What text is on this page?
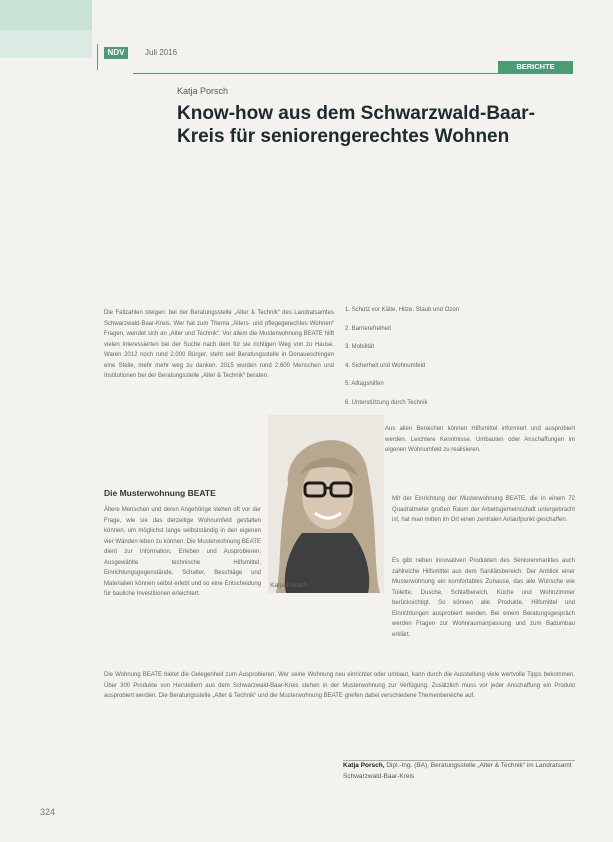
NDV	Juli 2016
BERICHTE
Katja Porsch
Know-how aus dem Schwarzwald-Baar-Kreis für seniorengerechtes Wohnen

Die Fallzahlen steigen: bei der Beratungsstelle „Alter & Technik“ des Landratsamtes Schwarzwald-Baar-Kreis. Wer hat zum Thema „Alters- und pflegegerechtes Wohnen“ Fragen, wendet sich an „Alter und Technik“. Vor allem die Musterwohnung BEATE hilft vielen Interessierten bei der Suche nach dem für sie richtigen Weg von zu Hause. Waren 2012 noch rund 2.000 Bürger, steht seit Beratungsstelle in Donaueschingen eine Stelle, mehr mehr weg zu danken. 2015 wurden rund 2.600 Menschen und Institutionen bei der Beratungsstelle „Alter & Technik“ beraten.

Die Musterwohnung BEATE

Ältere Menschen und deren Angehörige stehen oft vor der Frage, wie sie das derzeitige Wohnumfeld gestalten können, um möglichst lange selbstständig in den eigenen vier Wänden leben zu können. Die Musterwohnung BEATE dient zur Information, Erleben und Ausprobieren. Ausgewählte technische Hilfsmittel, Einrichtungsgegenstände, Schalter, Beschläge und Materialien können selbst erlebt und so eine Entscheidung für bauliche Investitionen erleichtert.

1. Schutz vor Kälte, Hitze, Staub und Ozon
2. Barrierefreiheit
3. Mobilität
4. Sicherheit und Wohnumfeld
5. Alltagshilfen
6. Unterstützung durch Technik

Aus allen Bereichen können Hilfsmittel informiert und ausprobiert werden. Leichtere Kenntnisse, Umbauten oder Anschaffungen im eigenen Wohnumfeld zu realisieren.

Mit der Einrichtung der Musterwohnung BEATE, die in einem 72 Quadratmeter großen Raum der Arbeitsgemeinschaft untergebracht ist, hat man mitten im Ort einen zentralen Anlaufpunkt geschaffen.

Es gibt neben innovativen Produkten des Seniorenmarktes auch zahlreiche Hilfsmittel aus dem Sanitätsbereich. Der Anblick einer Musterwohnung ein komfortables Zuhause, das alle Wünsche wie Toilette, Dusche, Schlafbereich, Küche und Wohnzimmer berücksichtigt. So können alle Produkte, Hilfsmittel und Einrichtungen ausprobiert werden. Bei einem Beratungsgespräch werden Fragen zur Wohnraumanpassung und zum Badumbau erklärt.

Katja Porsch

Die Wohnung BEATE bietet die Gelegenheit zum Ausprobieren. Wer seine Wohnung neu einrichtet oder umbaut, kann durch die Ausstellung viele wertvolle Tipps bekommen. Über 300 Produkte von Herstellern aus dem Schwarzwald-Baar-Kreis stehen in der Musterwohnung zur Verfügung. Zusätzlich muss vor jeder Anschaffung ein Produkt ausprobiert werden. Die Beratungsstelle „Alter & Technik“ und die Musterwohnung BEATE greifen dabei verschiedene Themenbereiche auf.

Katja Porsch, Dipl.-Ing. (BA), Beratungsstelle „Alter & Technik“ im Landratsamt Schwarzwald-Baar-Kreis

324
